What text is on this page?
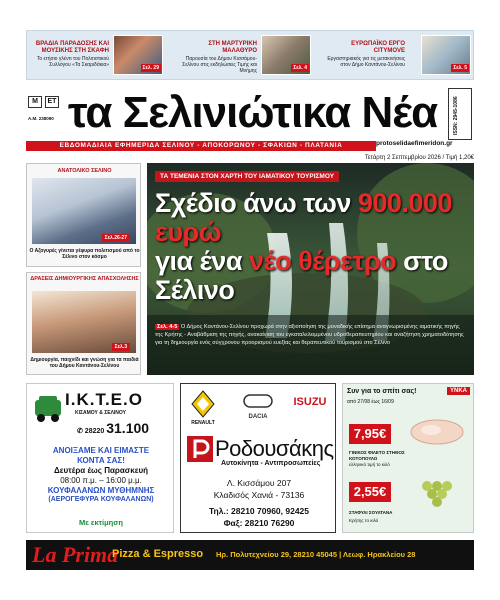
ΒΡΑΔΙΑ ΠΑΡΑΔΟΣΗΣ ΚΑΙ ΜΟΥΣΙΚΗΣ ΣΤΗ ΣΚΑΦΗ
Το ετήσιο γλέντι του Πολιτιστικού Συλλόγου «Τα Σκαριδάκια»	Σελ. 29
ΣΤΗ ΜΑΡΤΥΡΙΚΗ ΜΑΛΑΘΥΡΟ
Παρουσία του Δήμου Κισσάμου-Σελίνου στις εκδηλώσεις Τιμής και Μνήμης	Σελ. 4
ΕΥΡΩΠΑΪΚΟ ΕΡΓΟ CITYMOVE
Εργαστηριακός για τις μετακινήσεις στον Δήμο Καντάνου-Σελίνου	Σελ. 5
Μ	ΕΤ
Α.Μ. 238090 τα Σελινιώτικα Νέα	ISSN: 2945-1086
ΕΒΔΟΜΑΔΙΑΙΑ ΕΦΗΜΕΡΙΔΑ ΣΕΛΙΝΟΥ - ΑΠΟΚΟΡΩΝΟΥ - ΣΦΑΚΙΩΝ - ΠΛΑΤΑΝΙΑ	protoselidaefimeridon.gr
Τετάρτη 2 Σεπτεμβρίου 2026 / Τιμή 1,20€
ΑΝΑΤΟΛΙΚΟ ΣΕΛΙΝΟ
Σελ.26-27
Ο Αζογυρές γίνεται γέφυρα πολιτισμού από το Σέλινο στον κόσμο
ΔΡΑΣΕΙΣ ΔΗΜΙΟΥΡΓΙΚΗΣ ΑΠΑΣΧΟΛΗΣΗΣ
Σελ.3
Δημιουργία, παιχνίδι και γνώση για τα παιδιά του Δήμου Καντάνου-Σελίνου
ΤΑ ΤΕΜΕΝΙΑ ΣΤΟΝ ΧΑΡΤΗ ΤΟΥ ΙΑΜΑΤΙΚΟΥ ΤΟΥΡΙΣΜΟΥ
Σχέδιο άνω των 900.000 ευρώ
για ένα νέο θέρετρο στο Σέλινο
Σελ. 4-5 Ο Δήμος Καντάνου-Σελίνου προχωρά στην αξιοποίηση της μοναδικής επίσημα αναγνωρισμένης ιαματικής πηγής της Κρήτης - Αναβάθμιση της πηγής, ανακαίνιση του εγκαταλελειμμένου υδροθεραπευτηρίου και αναζήτηση χρηματοδότησης για τη δημιουργία ενός σύγχρονου προορισμού ευεξίας και θεραπευτικού τουρισμού στο Σέλινο
Ι.Κ.Τ.Ε.Ο
ΚΙΣΑΜΟΥ & ΣΕΛΙΝΟΥ
✆ 28220 31.100
ΑΝΟΙΞΑΜΕ ΚΑΙ ΕΙΜΑΣΤΕ
ΚΟΝΤΑ ΣΑΣ!
Δευτέρα έως Παρασκευή
08:00 π.μ. – 16:00 μ.μ.
ΚΟΥΦΑΛΑΝΩΝ ΜΥΘΗΜΝΗΣ
(ΑΕΡΟΓΕΦΥΡΑ ΚΟΥΦΑΛΑΝΩΝ)
Με εκτίμηση
RENAULT
DACIA
ISUZU
Ροδουσάκης
Αυτοκίνητα - Αντιπροσωπείες
Λ. Κισσάμου 207
Κλαδισός Χανιά - 73136
Τηλ.: 28210 70960, 92425
Φαξ: 28210 76290
Συν για το σπίτι σας!
από 27/08 έως 16/09
ΥΝΚΑ
7,95€
ΓΙΝΙΚΟΣ ΦΙΛΕΤΟ ΣΤΗΘΟΣ ΚΟΤΟΠΟΥΛΟ
ελληνικό τιμή το κιλό
2,55€
ΣΤΑΦΥΛΙ ΣΟΥΛΤΑΝΑ
Κρήτης το κιλό
La Prima
Pizza & Espresso Ηρ. Πολυτεχνείου 29, 28210 45045 | Λεωφ. Ηρακλείου 28
